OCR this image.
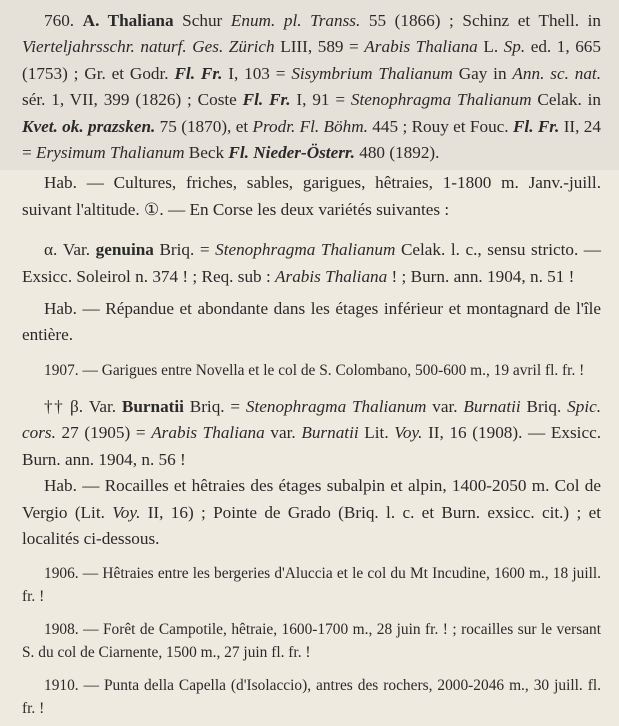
760. A. Thaliana Schur Enum. pl. Transs. 55 (1866) ; Schinz et Thell. in Vierteljahrsschr. naturf. Ges. Zürich LIII, 589 = Arabis Thaliana L. Sp. ed. 1, 665 (1753) ; Gr. et Godr. Fl. Fr. I, 103 = Sisymbrium Thalianum Gay in Ann. sc. nat. sér. 1, VII, 399 (1826) ; Coste Fl. Fr. I, 91 = Stenophragma Thalianum Celak. in Kvet. ok. prazsken. 75 (1870), et Prodr. Fl. Böhm. 445 ; Rouy et Fouc. Fl. Fr. II, 24 = Erysimum Thalianum Beck Fl. Nieder-Österr. 480 (1892).

Hab. — Cultures, friches, sables, garigues, hêtraies, 1-1800 m. Janv.-juill. suivant l'altitude. ①. — En Corse les deux variétés suivantes :

α. Var. genuina Briq. = Stenophragma Thalianum Celak. l. c., sensu stricto. — Exsicc. Soleirol n. 374 ! ; Req. sub : Arabis Thaliana ! ; Burn. ann. 1904, n. 51 !

Hab. — Répandue et abondante dans les étages inférieur et montagnard de l'île entière.

1907. — Garigues entre Novella et le col de S. Colombano, 500-600 m., 19 avril fl. fr. !

†† β. Var. Burnatii Briq. = Stenophragma Thalianum var. Burnatii Briq. Spic. cors. 27 (1905) = Arabis Thaliana var. Burnatii Lit. Voy. II, 16 (1908). — Exsicc. Burn. ann. 1904, n. 56 !

Hab. — Rocailles et hêtraies des étages subalpin et alpin, 1400-2050 m. Col de Vergio (Lit. Voy. II, 16) ; Pointe de Grado (Briq. l. c. et Burn. exsicc. cit.) ; et localités ci-dessous.

1906. — Hêtraies entre les bergeries d'Aluccia et le col du Mt Incudine, 1600 m., 18 juill. fr. !

1908. — Forêt de Campotile, hêtraie, 1600-1700 m., 28 juin fr. ! ; rocailles sur le versant S. du col de Ciarnente, 1500 m., 27 juin fl. fr. !

1910. — Punta della Capella (d'Isolaccio), antres des rochers, 2000-2046 m., 30 juill. fl. fr. !
